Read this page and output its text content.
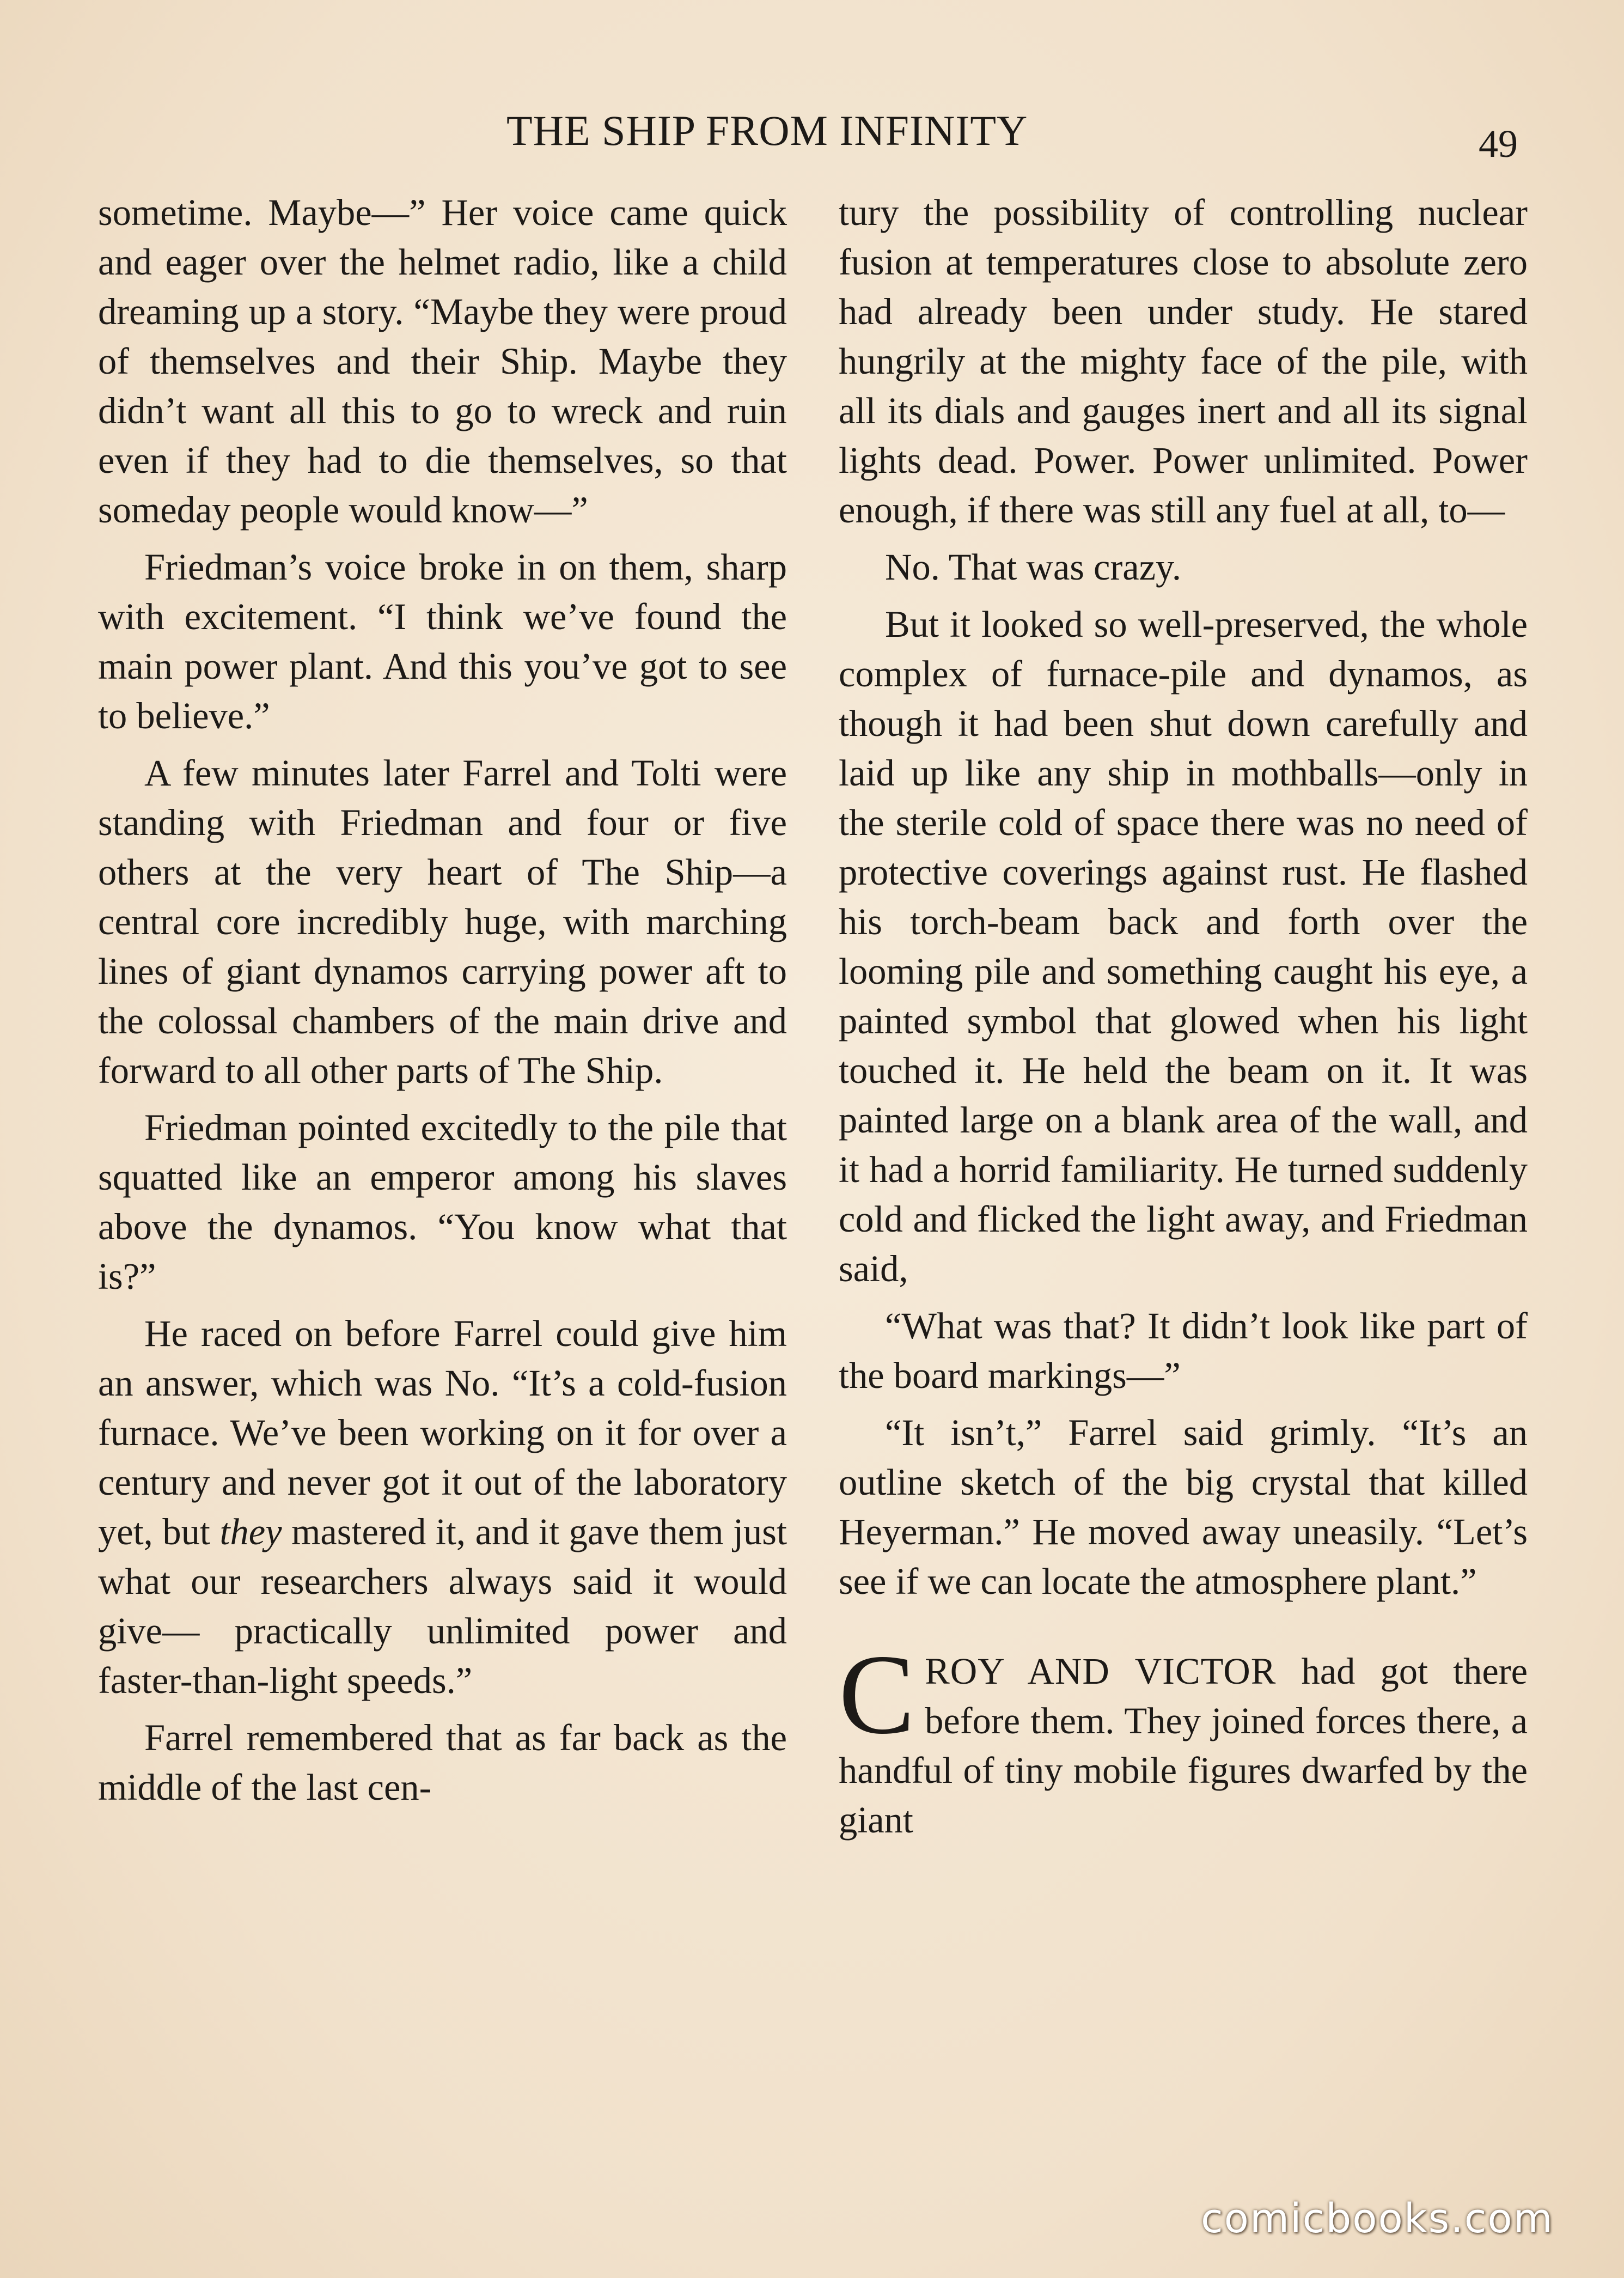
THE SHIP FROM INFINITY	49

sometime. Maybe—” Her voice came quick and eager over the helmet radio, like a child dreaming up a story. “Maybe they were proud of themselves and their Ship. Maybe they didn’t want all this to go to wreck and ruin even if they had to die themselves, so that someday people would know—”

Friedman’s voice broke in on them, sharp with excitement. “I think we’ve found the main power plant. And this you’ve got to see to believe.”

A few minutes later Farrel and Tolti were standing with Friedman and four or five others at the very heart of The Ship—a central core incredibly huge, with marching lines of giant dynamos carrying power aft to the colossal chambers of the main drive and forward to all other parts of The Ship.

Friedman pointed excitedly to the pile that squatted like an emperor among his slaves above the dynamos. “You know what that is?”

He raced on before Farrel could give him an answer, which was No. “It’s a cold-fusion furnace. We’ve been working on it for over a century and never got it out of the laboratory yet, but they mastered it, and it gave them just what our researchers always said it would give— practically unlimited power and faster-than-light speeds.”

Farrel remembered that as far back as the middle of the last cen-

tury the possibility of controlling nuclear fusion at temperatures close to absolute zero had already been under study. He stared hungrily at the mighty face of the pile, with all its dials and gauges inert and all its signal lights dead. Power. Power unlimited. Power enough, if there was still any fuel at all, to—

No. That was crazy.

But it looked so well-preserved, the whole complex of furnace-pile and dynamos, as though it had been shut down carefully and laid up like any ship in mothballs—only in the sterile cold of space there was no need of protective coverings against rust. He flashed his torch-beam back and forth over the looming pile and something caught his eye, a painted symbol that glowed when his light touched it. He held the beam on it. It was painted large on a blank area of the wall, and it had a horrid familiarity. He turned suddenly cold and flicked the light away, and Friedman said,

“What was that? It didn’t look like part of the board markings—”

“It isn’t,” Farrel said grimly. “It’s an outline sketch of the big crystal that killed Heyerman.” He moved away uneasily. “Let’s see if we can locate the atmosphere plant.”

CROY AND VICTOR had got there before them. They joined forces there, a handful of tiny mobile figures dwarfed by the giant

comicbooks.com
